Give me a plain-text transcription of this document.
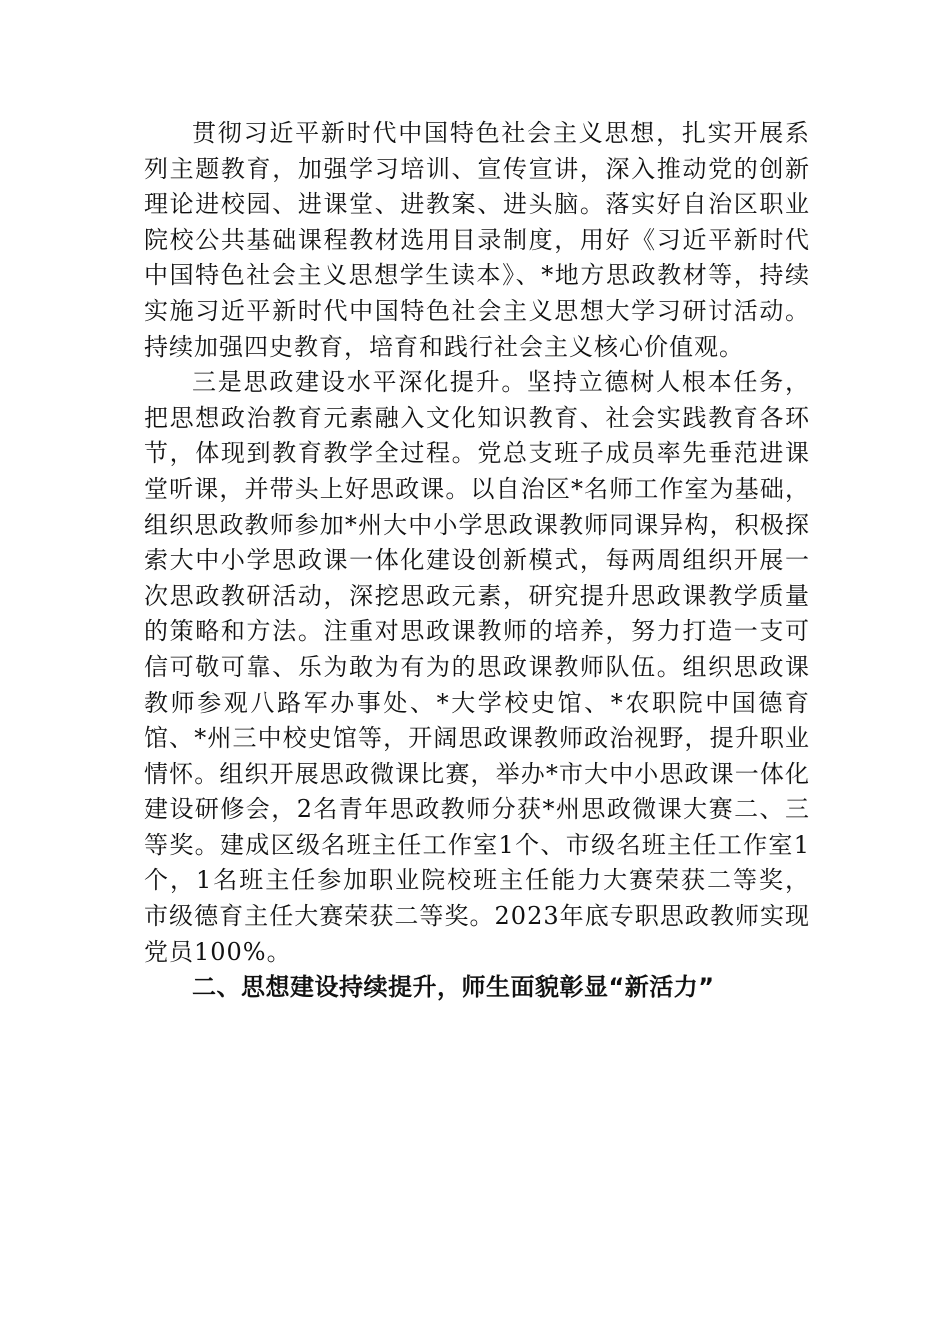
贯彻习近平新时代中国特色社会主义思想，扎实开展系列主题教育，加强学习培训、宣传宣讲，深入推动党的创新理论进校园、进课堂、进教案、进头脑。落实好自治区职业院校公共基础课程教材选用目录制度，用好《习近平新时代中国特色社会主义思想学生读本》、*地方思政教材等，持续实施习近平新时代中国特色社会主义思想大学习研讨活动。持续加强四史教育，培育和践行社会主义核心价值观。

三是思政建设水平深化提升。坚持立德树人根本任务，把思想政治教育元素融入文化知识教育、社会实践教育各环节，体现到教育教学全过程。党总支班子成员率先垂范进课堂听课，并带头上好思政课。以自治区*名师工作室为基础，组织思政教师参加*州大中小学思政课教师同课异构，积极探索大中小学思政课一体化建设创新模式，每两周组织开展一次思政教研活动，深挖思政元素，研究提升思政课教学质量的策略和方法。注重对思政课教师的培养，努力打造一支可信可敬可靠、乐为敢为有为的思政课教师队伍。组织思政课教师参观八路军办事处、*大学校史馆、*农职院中国德育馆、*州三中校史馆等，开阔思政课教师政治视野，提升职业情怀。组织开展思政微课比赛，举办*市大中小思政课一体化建设研修会，2名青年思政教师分获*州思政微课大赛二、三等奖。建成区级名班主任工作室1个、市级名班主任工作室1个，1名班主任参加职业院校班主任能力大赛荣获二等奖，市级德育主任大赛荣获二等奖。2023年底专职思政教师实现党员100%。

二、思想建设持续提升，师生面貌彰显“新活力”
